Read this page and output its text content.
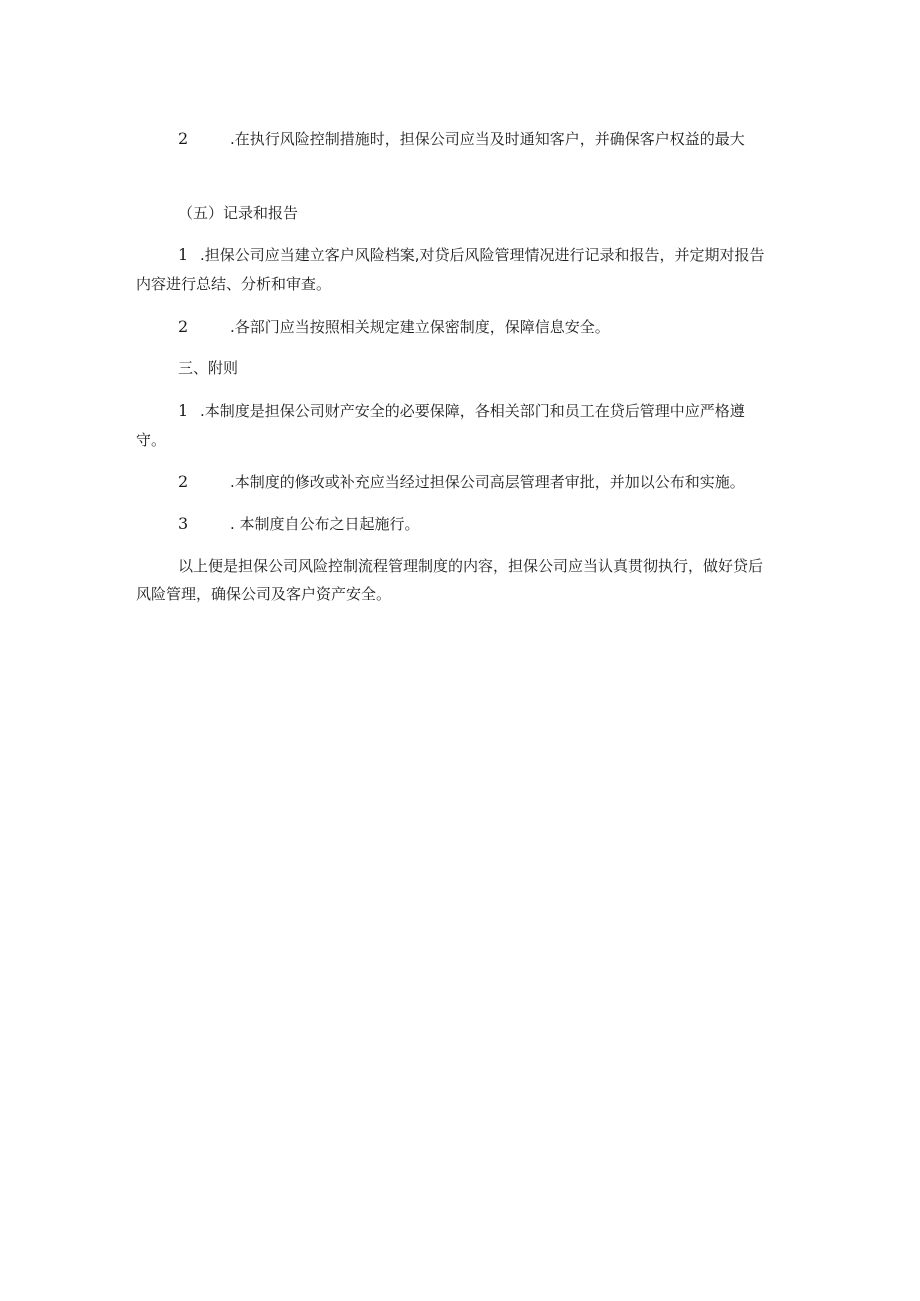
2	.在执行风险控制措施时，担保公司应当及时通知客户，并确保客户权益的最大
（五）记录和报告
1 .担保公司应当建立客户风险档案,对贷后风险管理情况进行记录和报告，并定期对报告
内容进行总结、分析和审查。
2	.各部门应当按照相关规定建立保密制度，保障信息安全。
三、附则
1 .本制度是担保公司财产安全的必要保障，各相关部门和员工在贷后管理中应严格遵
守。
2	.本制度的修改或补充应当经过担保公司高层管理者审批，并加以公布和实施。
3	. 本制度自公布之日起施行。
以上便是担保公司风险控制流程管理制度的内容，担保公司应当认真贯彻执行，做好贷后
风险管理，确保公司及客户资产安全。
